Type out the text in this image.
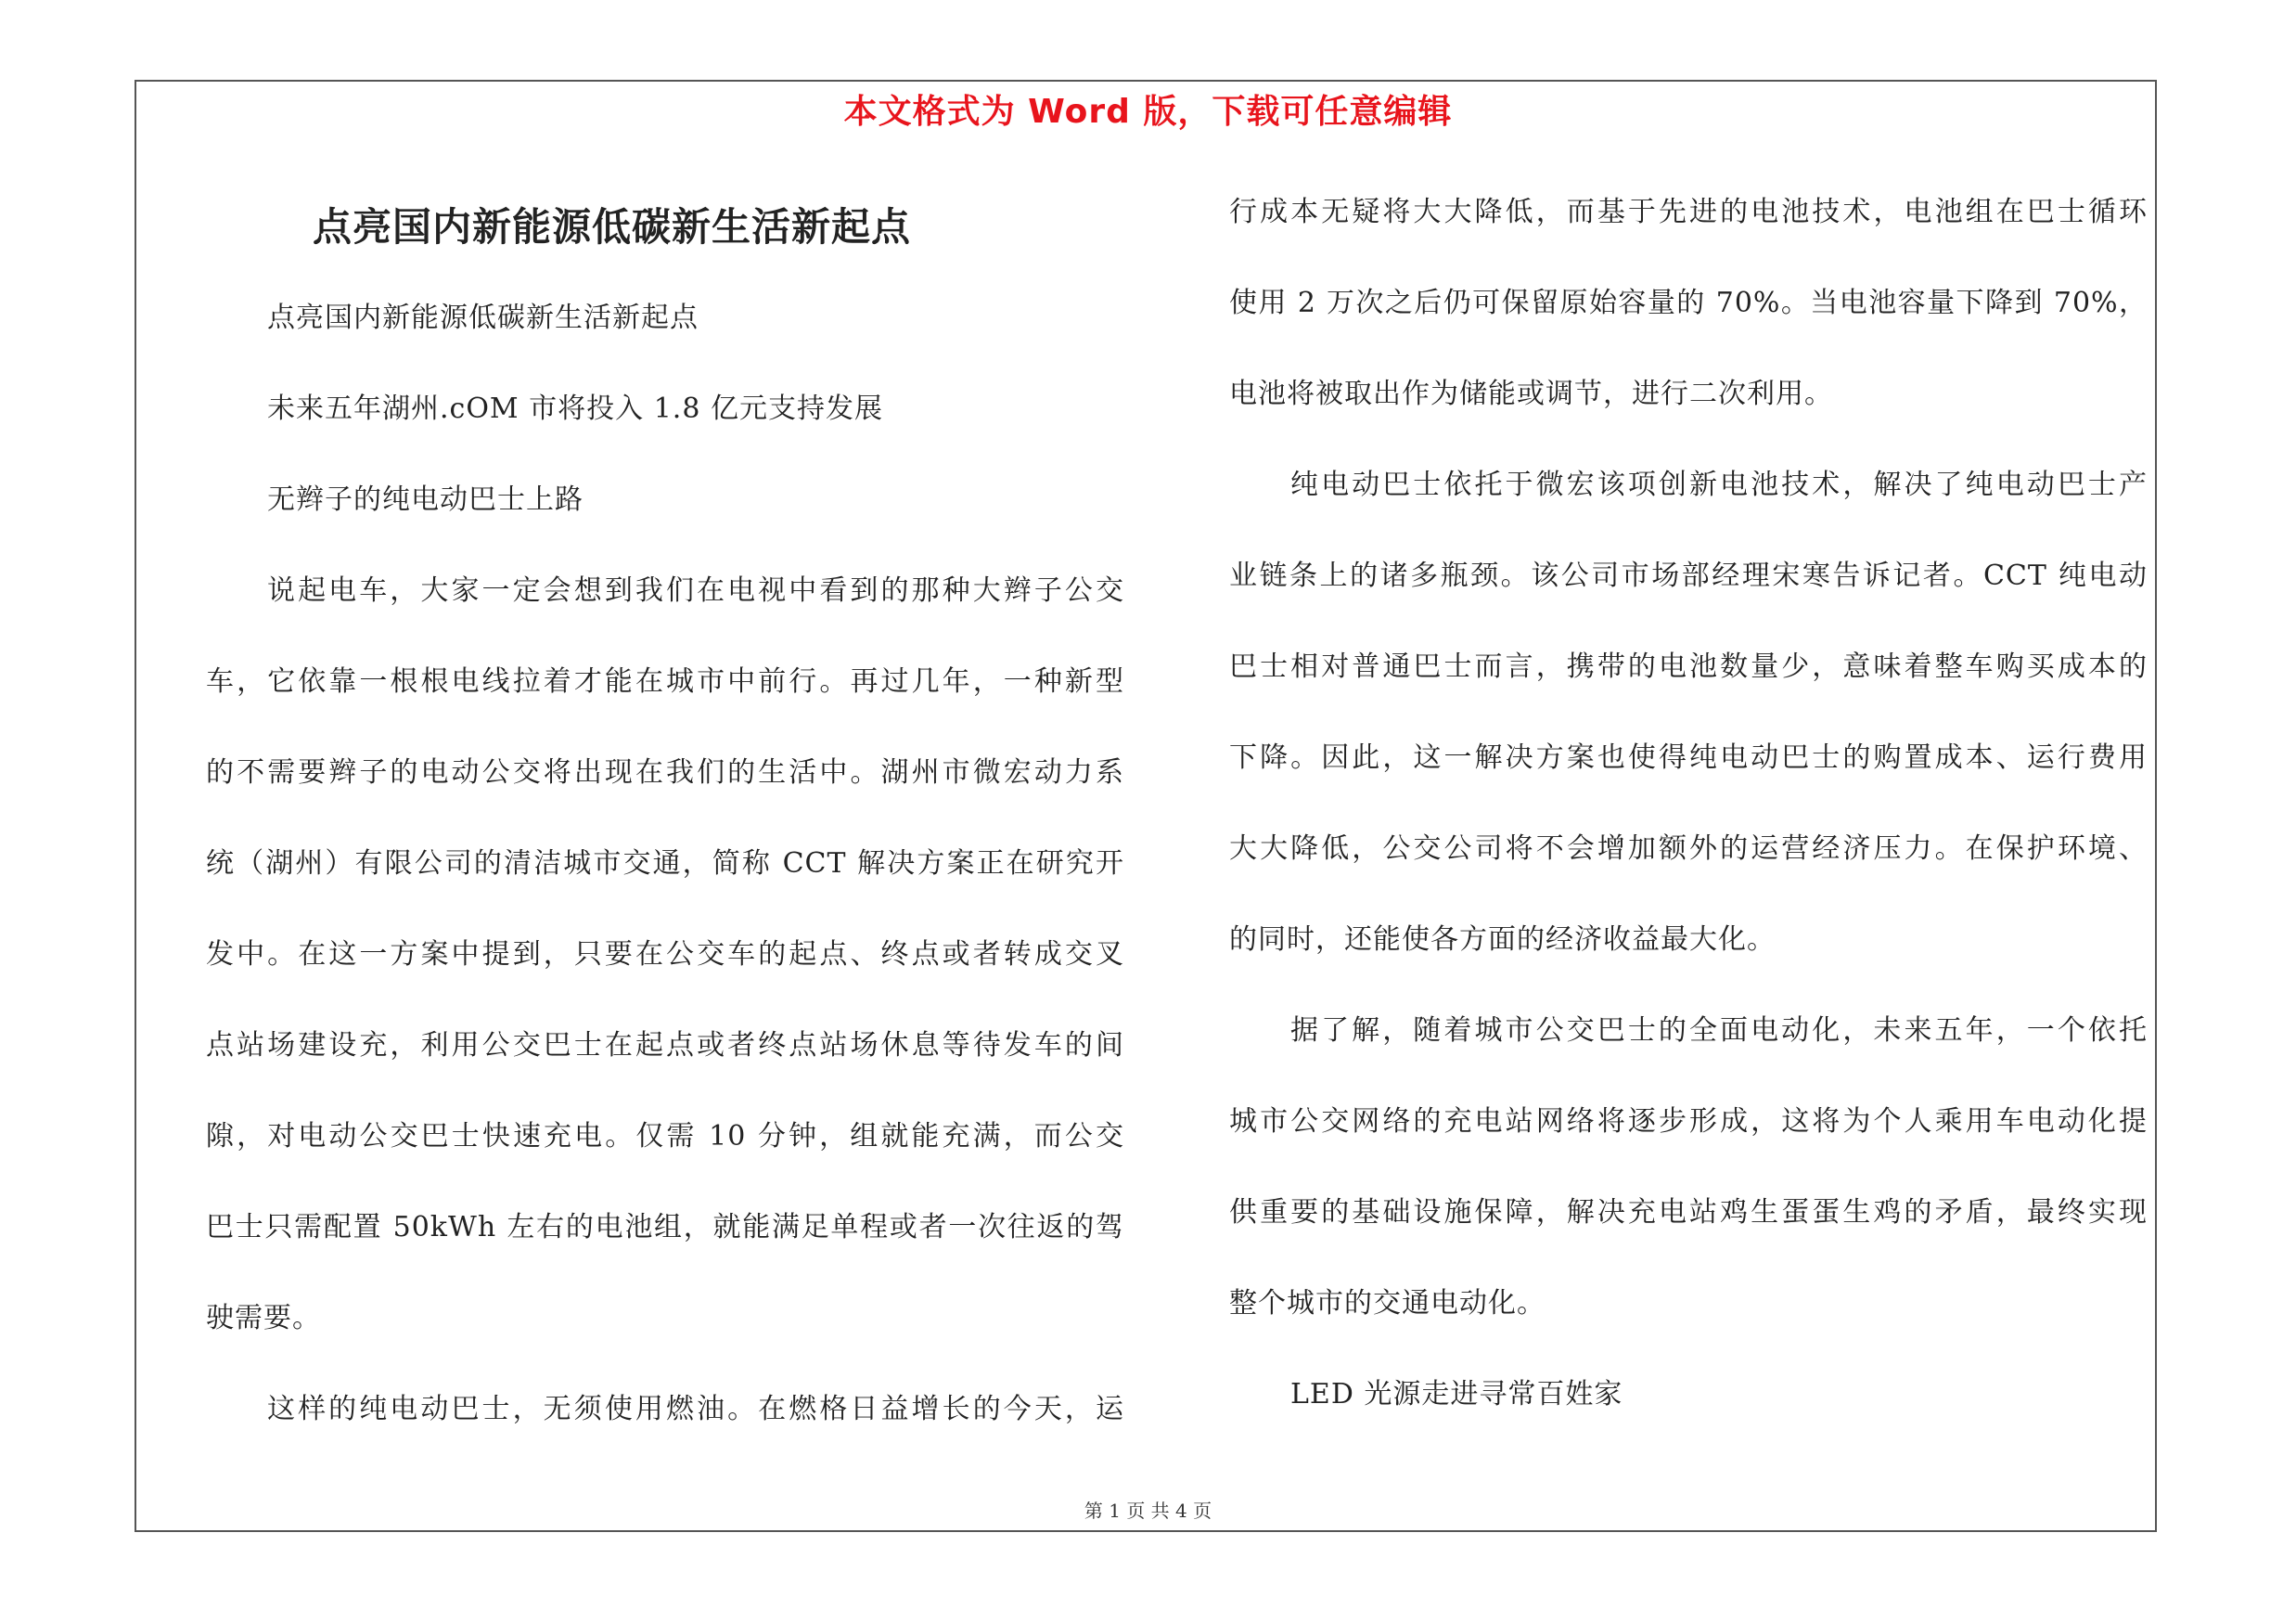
本文格式为 Word 版，下载可任意编辑
点亮国内新能源低碳新生活新起点
点亮国内新能源低碳新生活新起点
未来五年湖州.cOM 市将投入 1.8 亿元支持发展
无辫子的纯电动巴士上路
说起电车，大家一定会想到我们在电视中看到的那种大辫子公交
车，它依靠一根根电线拉着才能在城市中前行。再过几年，一种新型
的不需要辫子的电动公交将出现在我们的生活中。湖州市微宏动力系
统（湖州）有限公司的清洁城市交通，简称 CCT 解决方案正在研究开
发中。在这一方案中提到，只要在公交车的起点、终点或者转成交叉
点站场建设充，利用公交巴士在起点或者终点站场休息等待发车的间
隙，对电动公交巴士快速充电。仅需 10 分钟，组就能充满，而公交
巴士只需配置 50kWh 左右的电池组，就能满足单程或者一次往返的驾
驶需要。
这样的纯电动巴士，无须使用燃油。在燃格日益增长的今天，运
行成本无疑将大大降低，而基于先进的电池技术，电池组在巴士循环
使用 2 万次之后仍可保留原始容量的 70%。当电池容量下降到 70%，
电池将被取出作为储能或调节，进行二次利用。
纯电动巴士依托于微宏该项创新电池技术，解决了纯电动巴士产
业链条上的诸多瓶颈。该公司市场部经理宋寒告诉记者。CCT 纯电动
巴士相对普通巴士而言，携带的电池数量少，意味着整车购买成本的
下降。因此，这一解决方案也使得纯电动巴士的购置成本、运行费用
大大降低，公交公司将不会增加额外的运营经济压力。在保护环境、
的同时，还能使各方面的经济收益最大化。
据了解，随着城市公交巴士的全面电动化，未来五年，一个依托
城市公交网络的充电站网络将逐步形成，这将为个人乘用车电动化提
供重要的基础设施保障，解决充电站鸡生蛋蛋生鸡的矛盾，最终实现
整个城市的交通电动化。
LED 光源走进寻常百姓家
第 1 页 共 4 页
